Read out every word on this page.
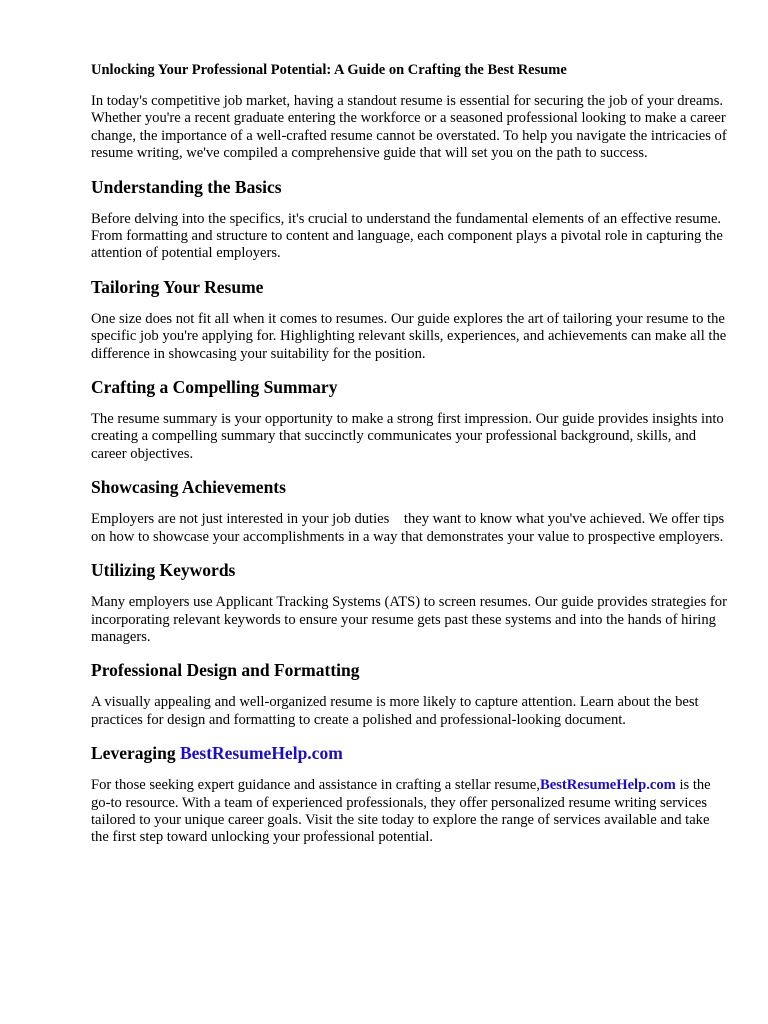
Unlocking Your Professional Potential: A Guide on Crafting the Best Resume

In today's competitive job market, having a standout resume is essential for securing the job of your dreams. Whether you're a recent graduate entering the workforce or a seasoned professional looking to make a career change, the importance of a well-crafted resume cannot be overstated. To help you navigate the intricacies of resume writing, we've compiled a comprehensive guide that will set you on the path to success.

Understanding the Basics

Before delving into the specifics, it's crucial to understand the fundamental elements of an effective resume. From formatting and structure to content and language, each component plays a pivotal role in capturing the attention of potential employers.

Tailoring Your Resume

One size does not fit all when it comes to resumes. Our guide explores the art of tailoring your resume to the specific job you're applying for. Highlighting relevant skills, experiences, and achievements can make all the difference in showcasing your suitability for the position.

Crafting a Compelling Summary

The resume summary is your opportunity to make a strong first impression. Our guide provides insights into creating a compelling summary that succinctly communicates your professional background, skills, and career objectives.

Showcasing Achievements

Employers are not just interested in your job duties they want to know what you've achieved. We offer tips on how to showcase your accomplishments in a way that demonstrates your value to prospective employers.

Utilizing Keywords

Many employers use Applicant Tracking Systems (ATS) to screen resumes. Our guide provides strategies for incorporating relevant keywords to ensure your resume gets past these systems and into the hands of hiring managers.

Professional Design and Formatting

A visually appealing and well-organized resume is more likely to capture attention. Learn about the best practices for design and formatting to create a polished and professional-looking document.

Leveraging BestResumeHelp.com

For those seeking expert guidance and assistance in crafting a stellar resume,BestResumeHelp.com is the go-to resource. With a team of experienced professionals, they offer personalized resume writing services tailored to your unique career goals. Visit the site today to explore the range of services available and take the first step toward unlocking your professional potential.
